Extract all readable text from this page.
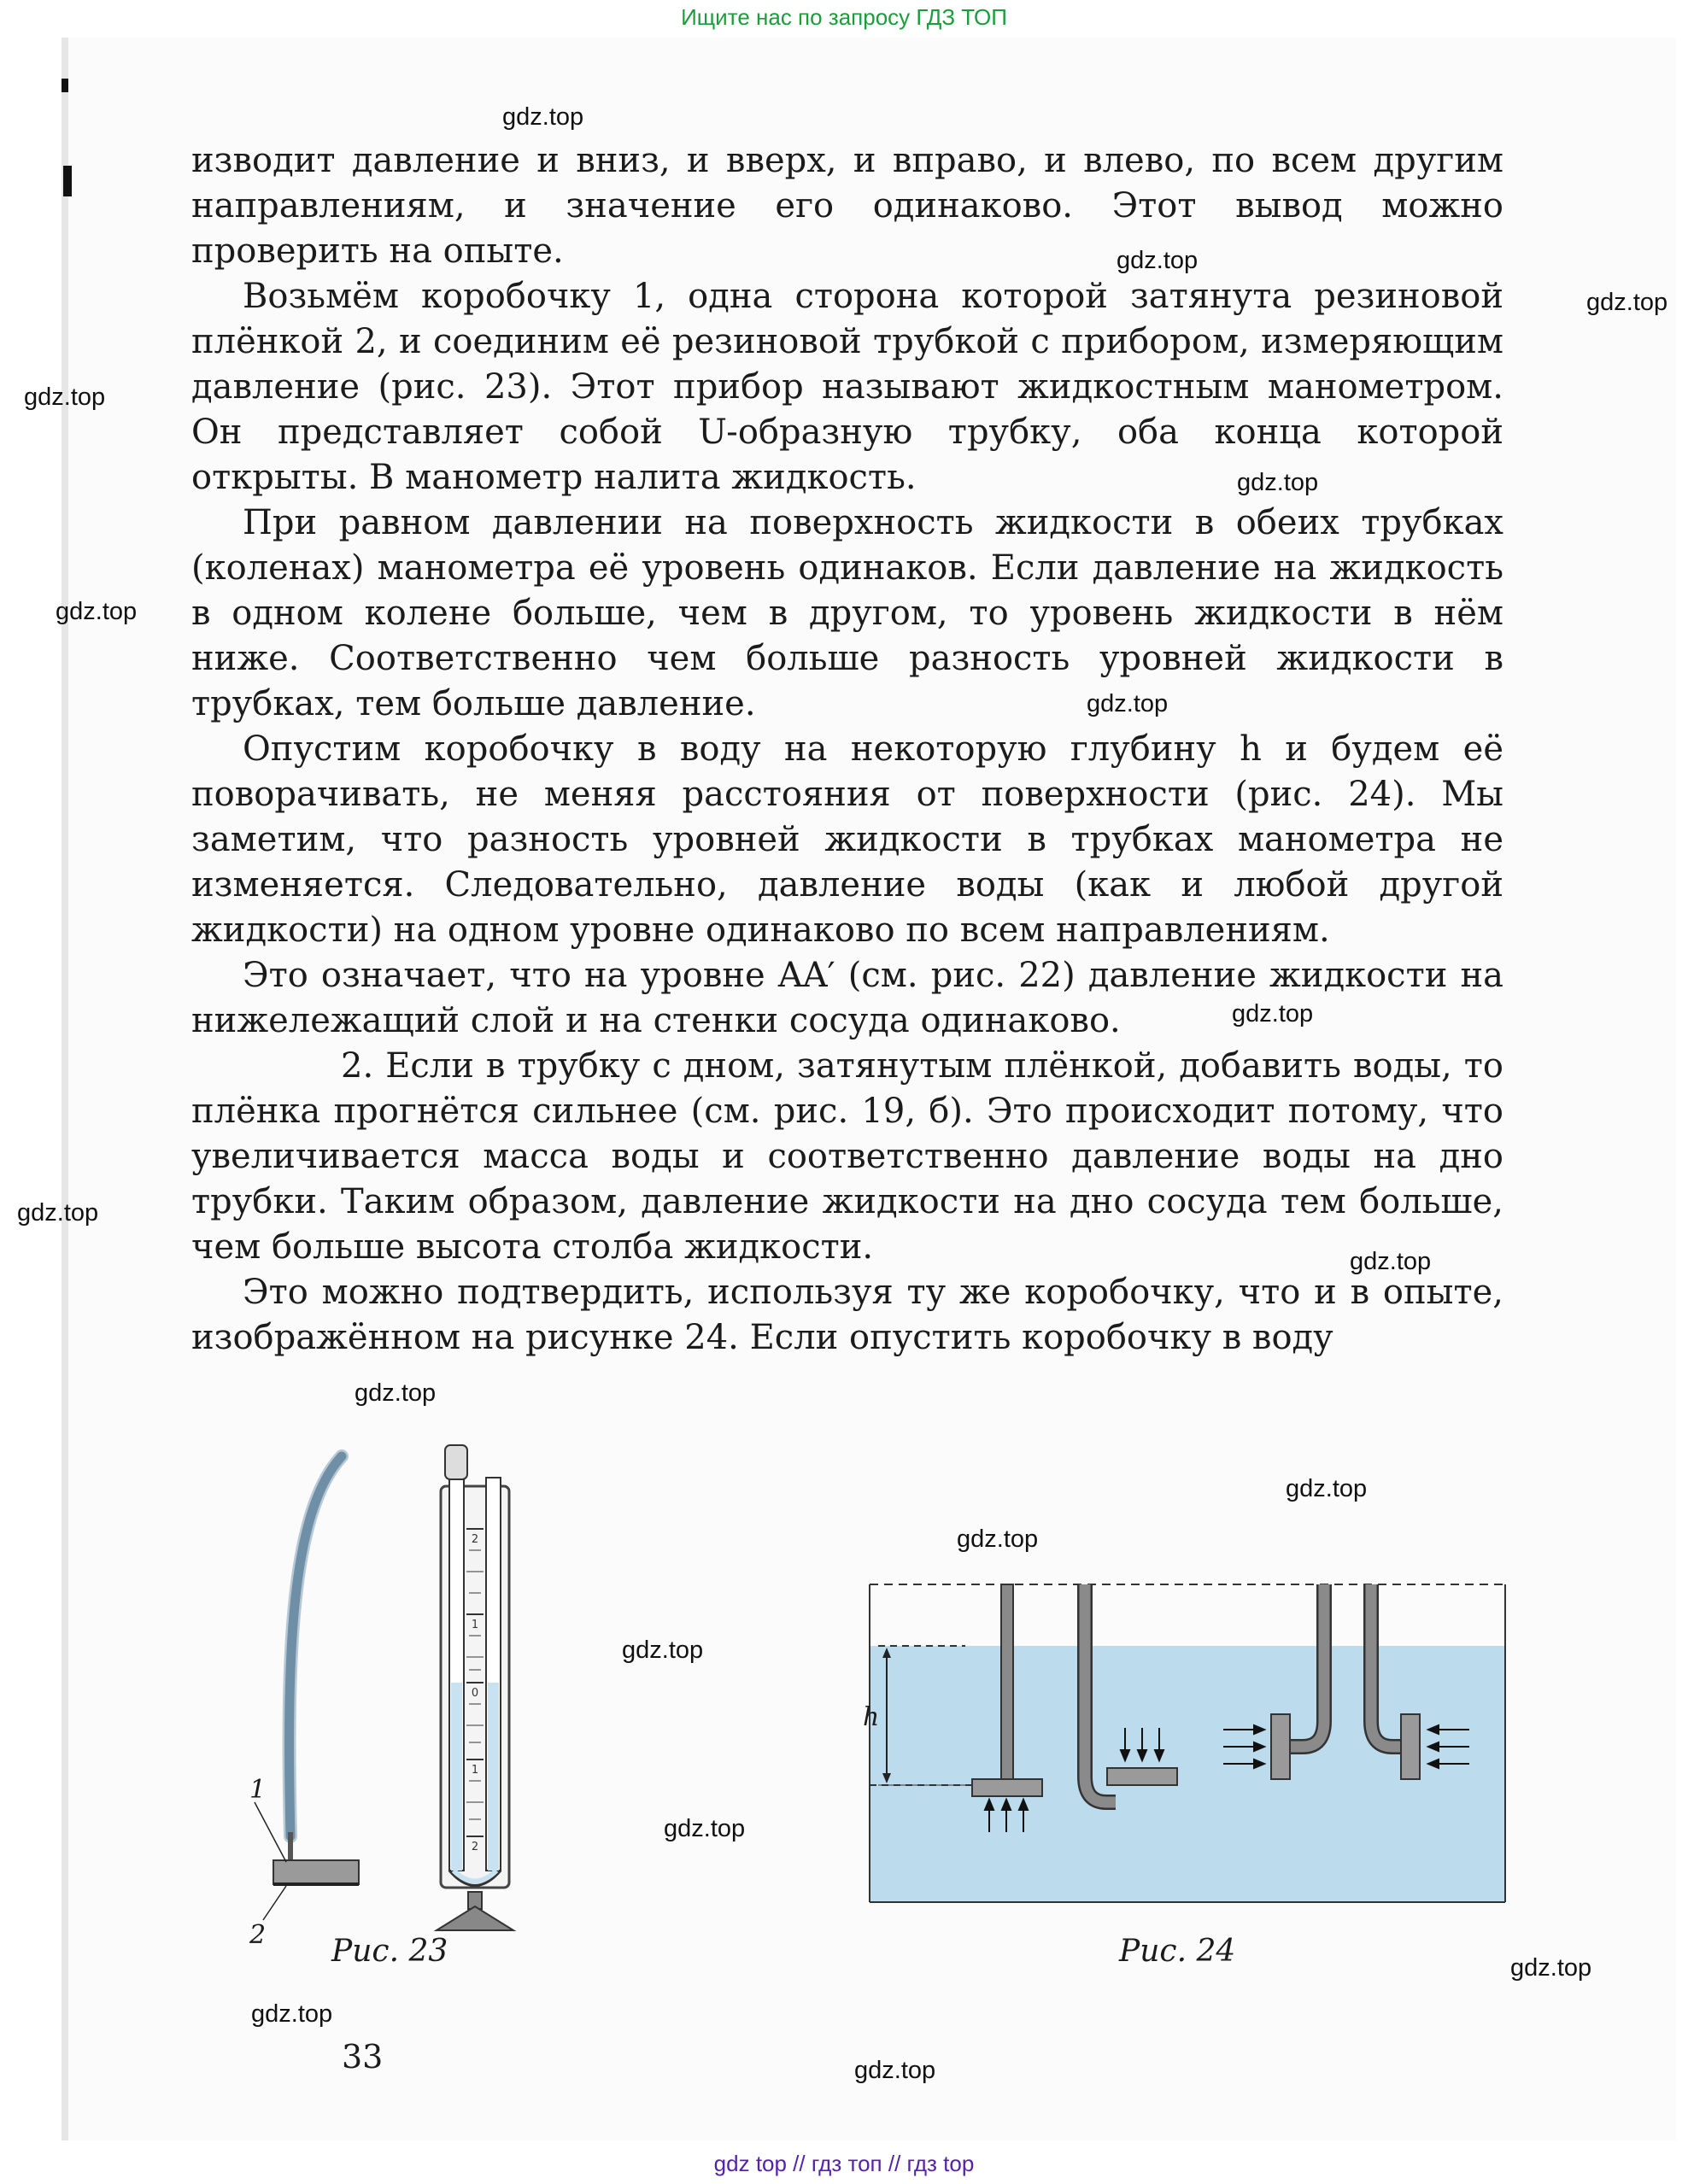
Ищите нас по запросу ГДЗ ТОП
gdz.top
gdz.top
gdz.top
gdz.top
gdz.top
gdz.top
gdz.top
gdz.top
gdz.top
gdz.top
gdz.top
gdz.top
gdz.top
gdz.top
gdz.top
gdz.top
gdz.top
gdz.top

изводит давление и вниз, и вверх, и вправо, и влево, по всем другим направлениям, и значение его одинаково. Этот вывод можно проверить на опыте.

Возьмём коробочку 1, одна сторона которой затянута резиновой плёнкой 2, и соединим её резиновой трубкой с прибором, измеряющим давление (рис. 23). Этот прибор называют жидкостным манометром. Он представляет собой U-образную трубку, оба конца которой открыты. В манометр налита жидкость.

При равном давлении на поверхность жидкости в обеих трубках (коленах) манометра её уровень одинаков. Если давление на жидкость в одном колене больше, чем в другом, то уровень жидкости в нём ниже. Соответственно чем больше разность уровней жидкости в трубках, тем больше давление.

Опустим коробочку в воду на некоторую глубину h и будем её поворачивать, не меняя расстояния от поверхности (рис. 24). Мы заметим, что разность уровней жидкости в трубках манометра не изменяется. Следовательно, давление воды (как и любой другой жидкости) на одном уровне одинаково по всем направлениям.

Это означает, что на уровне AA′ (см. рис. 22) давление жидкости на нижележащий слой и на стенки сосуда одинаково.

2. Если в трубку с дном, затянутым плёнкой, добавить воды, то плёнка прогнётся сильнее (см. рис. 19, б). Это происходит потому, что увеличивается масса воды и соответственно давление воды на дно трубки. Таким образом, давление жидкости на дно сосуда тем больше, чем больше высота столба жидкости.

Это можно подтвердить, используя ту же коробочку, что и в опыте, изображённом на рисунке 24. Если опустить коробочку в воду

1
2
2
1
0
1
2
Рис. 23
h
Рис. 24
33
gdz top // гдз топ // гдз top
